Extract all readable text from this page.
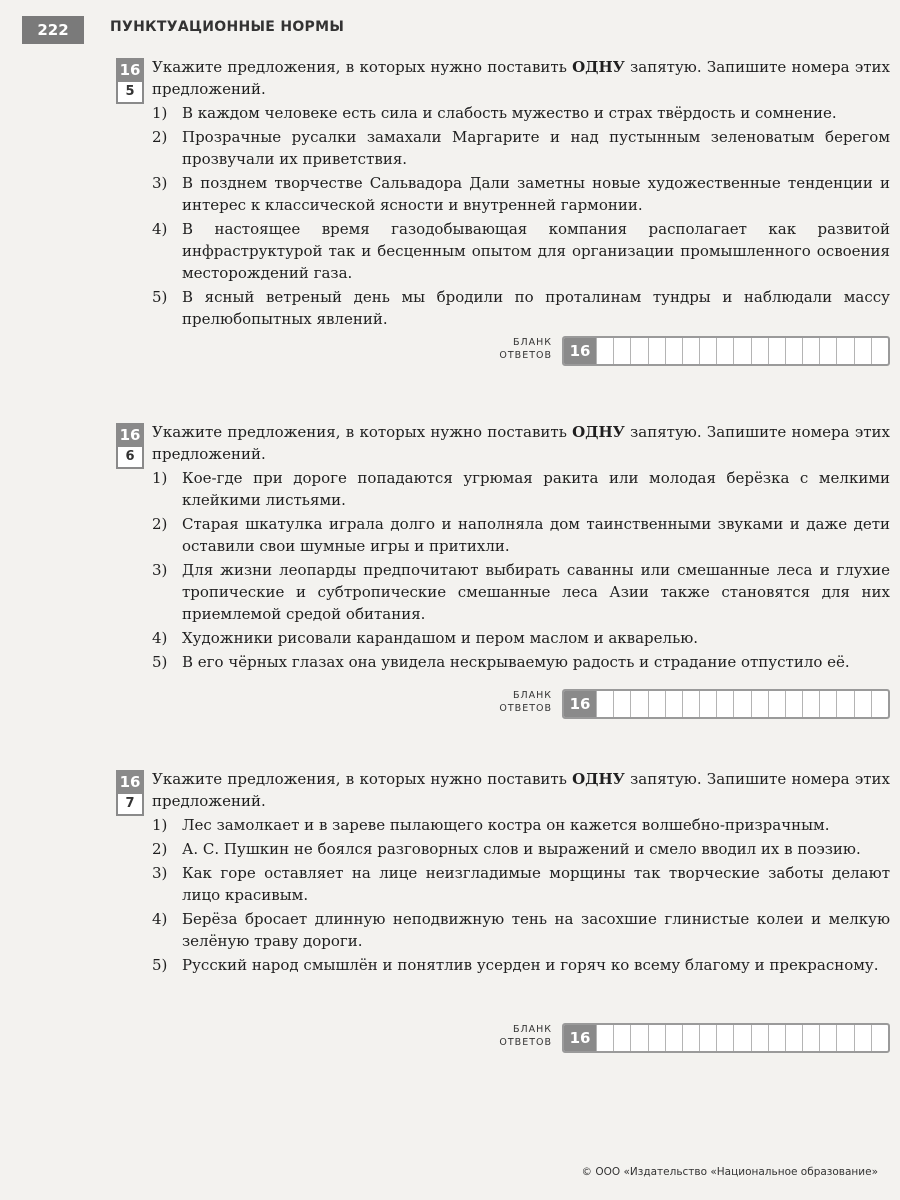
222	ПУНКТУАЦИОННЫЕ НОРМЫ
16
5

Укажите предложения, в которых нужно поставить ОДНУ запятую. Запишите номера этих предложений.

1) В каждом человеке есть сила и слабость мужество и страх твёрдость и сомнение.
2) Прозрачные русалки замахали Маргарите и над пустынным зеленоватым берегом прозвучали их приветствия.
3) В позднем творчестве Сальвадора Дали заметны новые художественные тенденции и интерес к классической ясности и внутренней гармонии.
4) В настоящее время газодобывающая компания располагает как развитой инфраструктурой так и бесценным опытом для организации промышленного освоения месторождений газа.
5) В ясный ветреный день мы бродили по проталинам тундры и наблюдали массу прелюбопытных явлений.
БЛАНК
ОТВЕТОВ	16
16
6

Укажите предложения, в которых нужно поставить ОДНУ запятую. Запишите номера этих предложений.

1) Кое-где при дороге попадаются угрюмая ракита или молодая берёзка с мелкими клейкими листьями.
2) Старая шкатулка играла долго и наполняла дом таинственными звуками и даже дети оставили свои шумные игры и притихли.
3) Для жизни леопарды предпочитают выбирать саванны или смешанные леса и глухие тропические и субтропические смешанные леса Азии также становятся для них приемлемой средой обитания.
4) Художники рисовали карандашом и пером маслом и акварелью.
5) В его чёрных глазах она увидела нескрываемую радость и страдание отпустило её.
БЛАНК
ОТВЕТОВ	16
16
7

Укажите предложения, в которых нужно поставить ОДНУ запятую. Запишите номера этих предложений.

1) Лес замолкает и в зареве пылающего костра он кажется волшебно-призрачным.
2) А. С. Пушкин не боялся разговорных слов и выражений и смело вводил их в поэзию.
3) Как горе оставляет на лице неизгладимые морщины так творческие заботы делают лицо красивым.
4) Берёза бросает длинную неподвижную тень на засохшие глинистые колеи и мелкую зелёную траву дороги.
5) Русский народ смышлён и понятлив усерден и горяч ко всему благому и прекрасному.
БЛАНК
ОТВЕТОВ	16
© ООО «Издательство «Национальное образование»
